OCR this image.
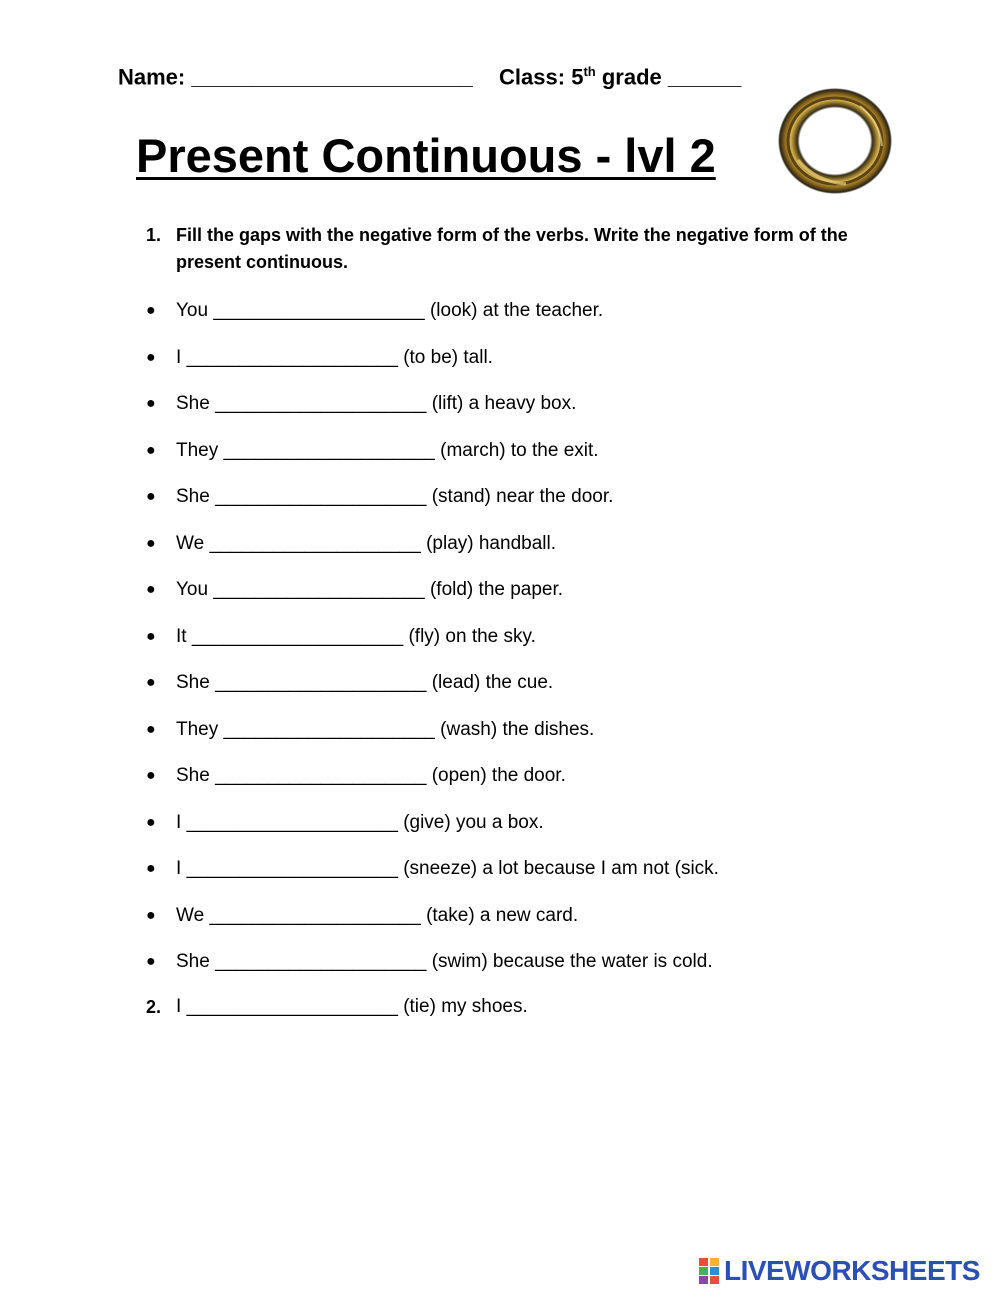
Name: _______________________ Class: 5th grade ______
Present Continuous - lvl 2
1. Fill the gaps with the negative form of the verbs. Write the negative form of the present continuous.
● You ____________________ (look) at the teacher.
● I ____________________ (to be) tall.
● She ____________________ (lift) a heavy box.
● They ____________________ (march) to the exit.
● She ____________________ (stand) near the door.
● We ____________________ (play) handball.
● You ____________________ (fold) the paper.
● It ____________________ (fly) on the sky.
● She ____________________ (lead) the cue.
● They ____________________ (wash) the dishes.
● She ____________________ (open) the door.
● I ____________________ (give) you a box.
● I ____________________ (sneeze) a lot because I am not (sick.
● We ____________________ (take) a new card.
● She ____________________ (swim) because the water is cold.
2. I ____________________ (tie) my shoes.
LIVEWORKSHEETS
